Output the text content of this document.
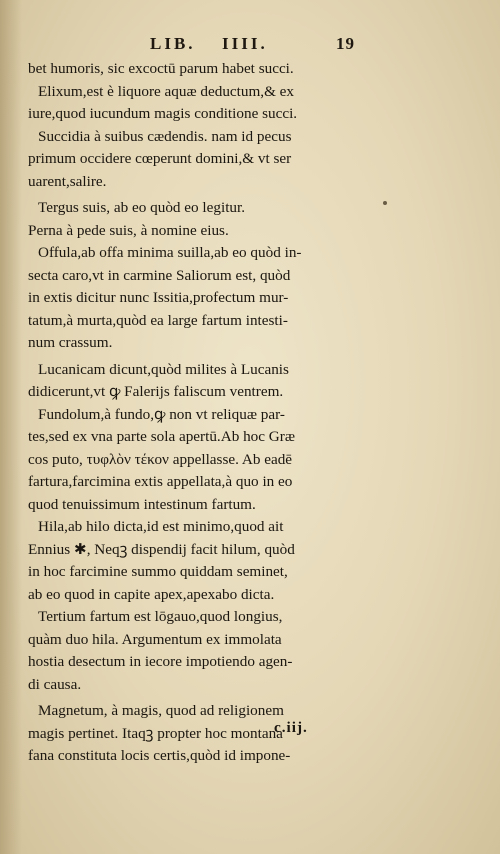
LIB. IIII.	19
bet humoris, sic excoctū parum habet succi.
Elixum,est è liquore aquæ deductum,& ex
iure,quod iucundum magis conditione succi.
Succidia à suibus cædendis. nam id pecus
primum occidere cœperunt domini,& vt ser
uarent,salire.
Tergus suis, ab eo quòd eo legitur.
Perna à pede suis, à nomine eius.
Offula,ab offa minima suilla,ab eo quòd in-
secta caro,vt in carmine Saliorum est, quòd
in extis dicitur nunc Issitia,profectum mur-
tatum,à murta,quòd ea large fartum intesti-
num crassum.
Lucanicam dicunt,quòd milites à Lucanis
didicerunt,vt ꝙ Falerijs faliscum ventrem.
Fundolum,à fundo,ꝙ non vt reliquæ par-
tes,sed ex vna parte sola apertū.Ab hoc Græ
cos puto, τυφλὸν τέκον appellasse. Ab eadē
fartura,farcimina extis appellata,à quo in eo
quod tenuissimum intestinum fartum.
Hila,ab hilo dicta,id est minimo,quod ait
Ennius ✱, Neqꝫ dispendij facit hilum, quòd
in hoc farcimine summo quiddam seminet,
ab eo quod in capite apex,apexabo dicta.
Tertium fartum est lōgauo,quod longius,
quàm duo hila. Argumentum ex immolata
hostia desectum in iecore impotiendo agen-
di causa.
Magnetum, à magis, quod ad religionem
magis pertinet. Itaqꝫ propter hoc montana
fana constituta locis certis,quòd id impone-
c.iij.
